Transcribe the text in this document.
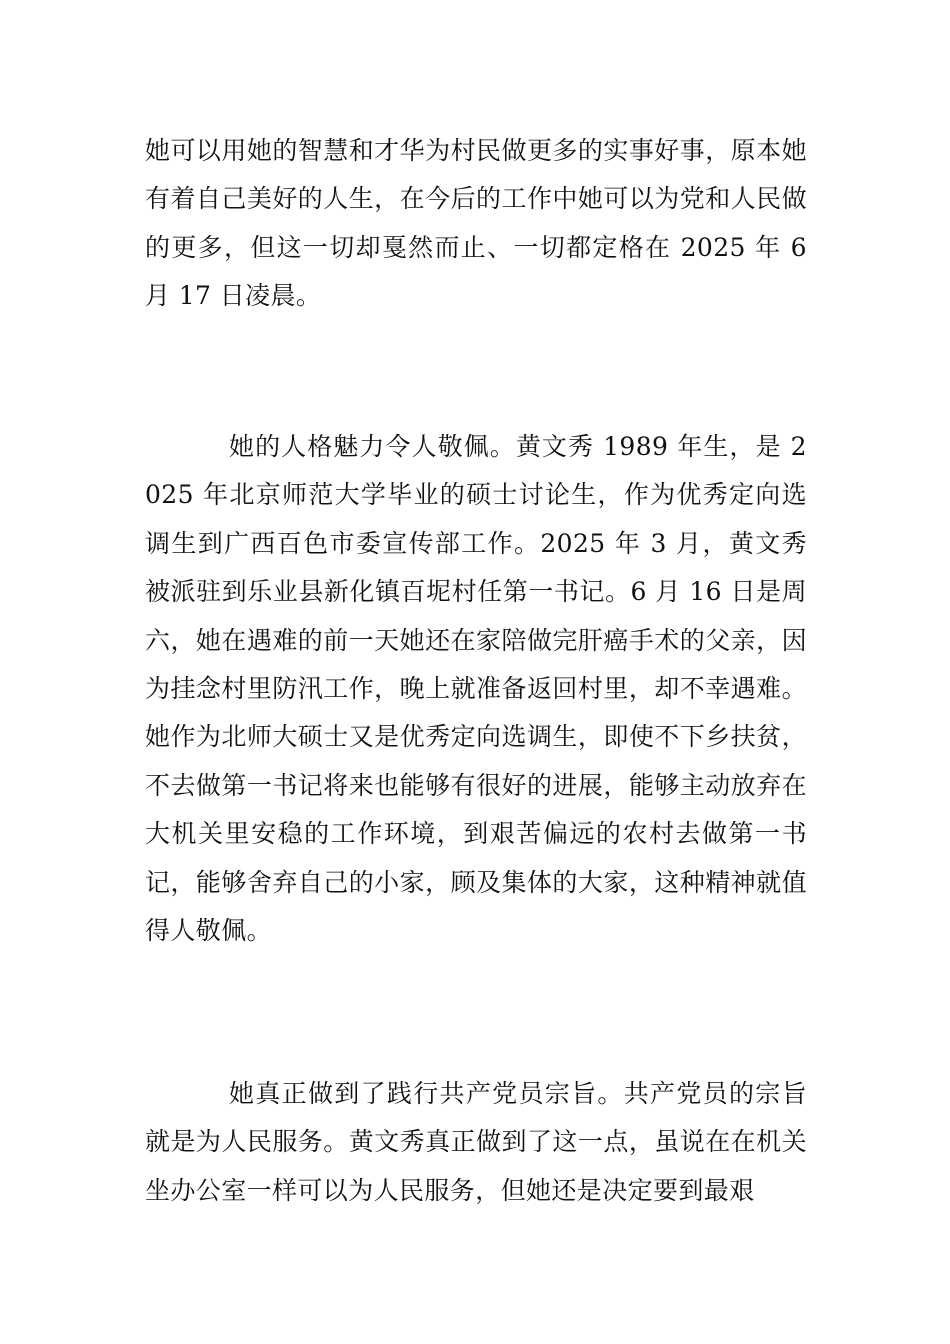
她可以用她的智慧和才华为村民做更多的实事好事，原本她有着自己美好的人生，在今后的工作中她可以为党和人民做的更多，但这一切却戛然而止、一切都定格在 2025 年 6 月 17 日凌晨。

她的人格魅力令人敬佩。黄文秀 1989 年生，是 2025 年北京师范大学毕业的硕士讨论生，作为优秀定向选调生到广西百色市委宣传部工作。2025 年 3 月，黄文秀被派驻到乐业县新化镇百坭村任第一书记。6 月 16 日是周六，她在遇难的前一天她还在家陪做完肝癌手术的父亲，因为挂念村里防汛工作，晚上就准备返回村里，却不幸遇难。她作为北师大硕士又是优秀定向选调生，即使不下乡扶贫，不去做第一书记将来也能够有很好的进展，能够主动放弃在大机关里安稳的工作环境，到艰苦偏远的农村去做第一书记，能够舍弃自己的小家，顾及集体的大家，这种精神就值得人敬佩。

她真正做到了践行共产党员宗旨。共产党员的宗旨就是为人民服务。黄文秀真正做到了这一点，虽说在在机关坐办公室一样可以为人民服务，但她还是决定要到最艰
